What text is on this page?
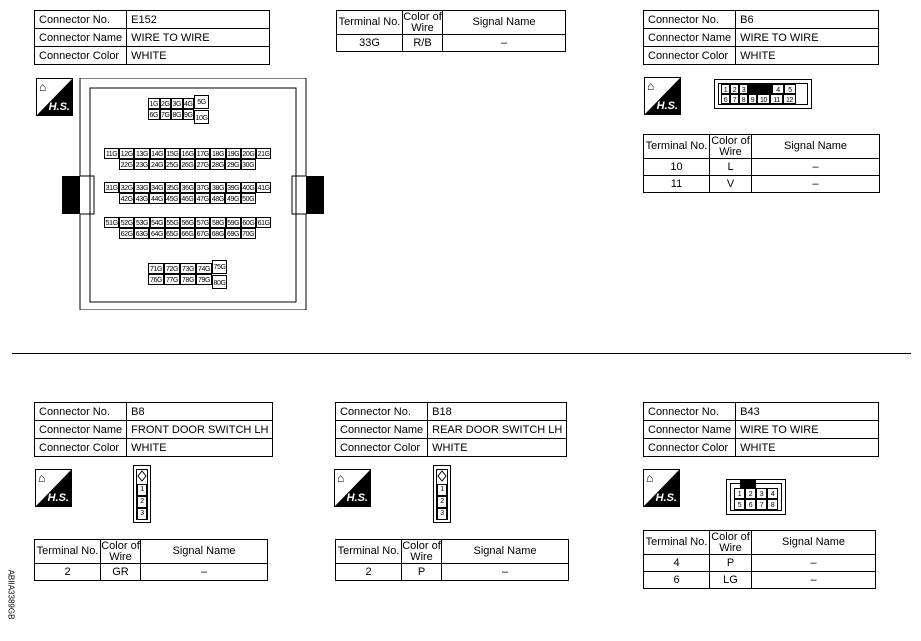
Connector No.	E152
Connector Name	WIRE TO WIRE
Connector Color	WHITE
⌂
H.S.	1G 2G 3G 4G 5G
6G 7G 8G 9G 10G
11G 12G 13G 14G 15G 16G 17G 18G 19G 20G 21G
22G 23G 24G 25G 26G 27G 28G 29G 30G
31G 32G 33G 34G 35G 36G 37G 38G 39G 40G 41G
42G 43G 44G 45G 46G 47G 48G 49G 50G
51G 52G 53G 54G 55G 56G 57G 58G 59G 60G 61G
62G 63G 64G 65G 66G 67G 68G 69G 70G
71G 72G 73G 74G 75G
76G 77G 78G 79G 80G
Terminal No.	Color of Wire	Signal Name
33G	R/B	–
Connector No.	B6
Connector Name	WIRE TO WIRE
Connector Color	WHITE
⌂
H.S.
1 2 3	4	5
6 7 8 9 10 11 12
Terminal No.	Color of Wire	Signal Name
10	L	–
11	V	–
Connector No.	B8
Connector Name	FRONT DOOR SWITCH LH
Connector Color	WHITE
⌂
H.S.
1
2
3
Terminal No.	Color of Wire	Signal Name
2	GR	–
Connector No.	B18
Connector Name	REAR DOOR SWITCH LH
Connector Color	WHITE
⌂
H.S.
1
2
3
Terminal No.	Color of Wire	Signal Name
2	P	–
Connector No.	B43
Connector Name	WIRE TO WIRE
Connector Color	WHITE
⌂
H.S.	1	2	3	4
5	6	7	8
Terminal No.	Color of Wire	Signal Name
4	P	–
6	LG	–
ABIIA3389GB
